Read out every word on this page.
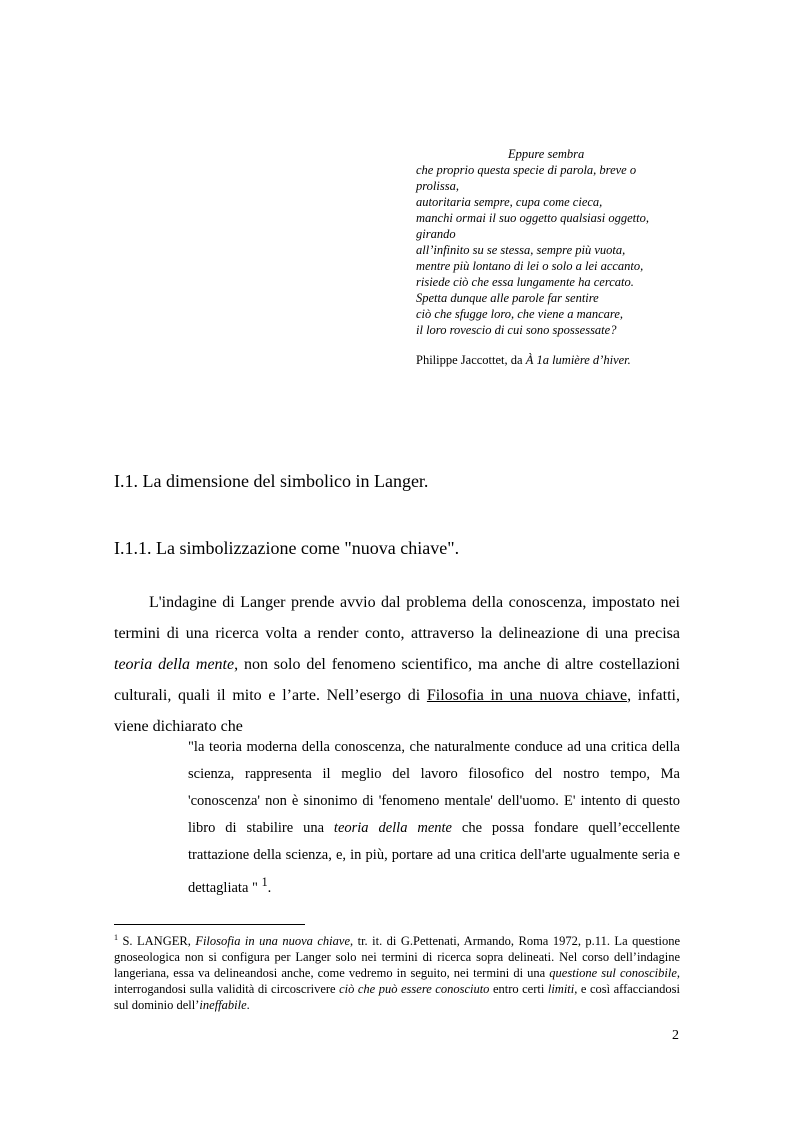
Eppure sembra
che proprio questa specie di parola, breve o
prolissa,
autoritaria sempre, cupa come cieca,
manchi ormai il suo oggetto qualsiasi oggetto,
girando
all’infinito su se stessa, sempre più vuota,
mentre più lontano di lei o solo a lei accanto,
risiede ciò che essa lungamente ha cercato.
Spetta dunque alle parole far sentire
ciò che sfugge loro, che viene a mancare,
il loro rovescio di cui sono spossessate?
Philippe Jaccottet, da À 1a lumière d’hiver.
I.1. La dimensione del simbolico in Langer.
I.1.1. La simbolizzazione come "nuova chiave".

L'indagine di Langer prende avvio dal problema della conoscenza, impostato nei termini di una ricerca volta a render conto, attraverso la delineazione di una precisa teoria della mente, non solo del fenomeno scientifico, ma anche di altre costellazioni culturali, quali il mito e l’arte. Nell’esergo di Filosofia in una nuova chiave, infatti, viene dichiarato che

"la teoria moderna della conoscenza, che naturalmente conduce ad una critica della scienza, rappresenta il meglio del lavoro filosofico del nostro tempo, Ma 'conoscenza' non è sinonimo di 'fenomeno mentale' dell'uomo. E' intento di questo libro di stabilire una teoria della mente che possa fondare quell’eccellente trattazione della scienza, e, in più, portare ad una critica dell'arte ugualmente seria e dettagliata " $^1$.

$^1$ S. LANGER, Filosofia in una nuova chiave, tr. it. di G.Pettenati, Armando, Roma 1972, p.11. La questione gnoseologica non si configura per Langer solo nei termini di ricerca sopra delineati. Nel corso dell’indagine langeriana, essa va delineandosi anche, come vedremo in seguito, nei termini di una questione sul conoscibile, interrogandosi sulla validità di circoscrivere ciò che può essere conosciuto entro certi limiti, e così affacciandosi sul dominio dell’ineffabile.

2
